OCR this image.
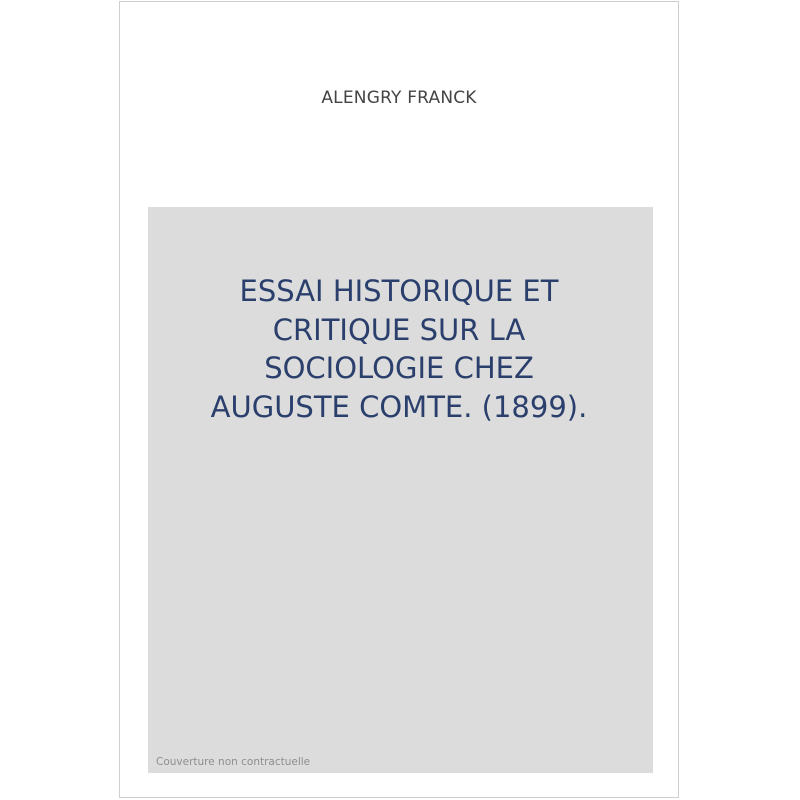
ALENGRY FRANCK
ESSAI HISTORIQUE ET
CRITIQUE SUR LA
SOCIOLOGIE CHEZ
AUGUSTE COMTE. (1899).
Couverture non contractuelle
